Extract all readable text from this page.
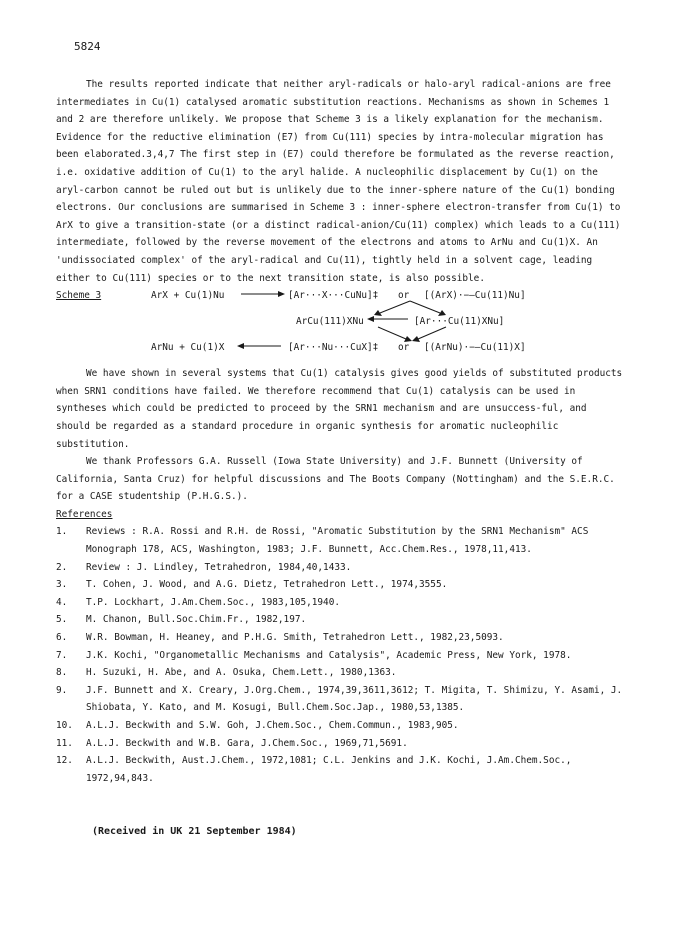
5824

The results reported indicate that neither aryl-radicals or halo-aryl radical-anions are free intermediates in Cu(1) catalysed aromatic substitution reactions. Mechanisms as shown in Schemes 1 and 2 are therefore unlikely. We propose that Scheme 3 is a likely explanation for the mechanism. Evidence for the reductive elimination (E7) from Cu(111) species by intra-molecular migration has been elaborated.3,4,7 The first step in (E7) could therefore be formulated as the reverse reaction, i.e. oxidative addition of Cu(1) to the aryl halide. A nucleophilic displacement by Cu(1) on the aryl-carbon cannot be ruled out but is unlikely due to the inner-sphere nature of the Cu(1) bonding electrons. Our conclusions are summarised in Scheme 3 : inner-sphere electron-transfer from Cu(1) to ArX to give a transition-state (or a distinct radical-anion/Cu(11) complex) which leads to a Cu(111) intermediate, followed by the reverse movement of the electrons and atoms to ArNu and Cu(1)X. An 'undissociated complex' of the aryl-radical and Cu(11), tightly held in a solvent cage, leading either to Cu(111) species or to the next transition state, is also possible.

Scheme 3	ArX + Cu(1)Nu	[Ar···X···CuNu]‡ or [(ArX)·−—Cu(11)Nu]
ArCu(111)XNu	[Ar···Cu(11)XNu]
ArNu + Cu(1)X	[Ar···Nu···CuX]‡ or [(ArNu)·−—Cu(11)X]

We have shown in several systems that Cu(1) catalysis gives good yields of substituted products when SRN1 conditions have failed. We therefore recommend that Cu(1) catalysis can be used in syntheses which could be predicted to proceed by the SRN1 mechanism and are unsuccess-ful, and should be regarded as a standard procedure in organic synthesis for aromatic nucleophilic substitution.

We thank Professors G.A. Russell (Iowa State University) and J.F. Bunnett (University of California, Santa Cruz) for helpful discussions and The Boots Company (Nottingham) and the S.E.R.C. for a CASE studentship (P.H.G.S.).

References
1.	Reviews : R.A. Rossi and R.H. de Rossi, "Aromatic Substitution by the SRN1 Mechanism" ACS Monograph 178, ACS, Washington, 1983; J.F. Bunnett, Acc.Chem.Res., 1978,11,413.
2.	Review : J. Lindley, Tetrahedron, 1984,40,1433.
3.	T. Cohen, J. Wood, and A.G. Dietz, Tetrahedron Lett., 1974,3555.
4.	T.P. Lockhart, J.Am.Chem.Soc., 1983,105,1940.
5.	M. Chanon, Bull.Soc.Chim.Fr., 1982,197.
6.	W.R. Bowman, H. Heaney, and P.H.G. Smith, Tetrahedron Lett., 1982,23,5093.
7.	J.K. Kochi, "Organometallic Mechanisms and Catalysis", Academic Press, New York, 1978.
8.	H. Suzuki, H. Abe, and A. Osuka, Chem.Lett., 1980,1363.
9.	J.F. Bunnett and X. Creary, J.Org.Chem., 1974,39,3611,3612; T. Migita, T. Shimizu, Y. Asami, J. Shiobata, Y. Kato, and M. Kosugi, Bull.Chem.Soc.Jap., 1980,53,1385.
10.	A.L.J. Beckwith and S.W. Goh, J.Chem.Soc., Chem.Commun., 1983,905.
11.	A.L.J. Beckwith and W.B. Gara, J.Chem.Soc., 1969,71,5691.
12.	A.L.J. Beckwith, Aust.J.Chem., 1972,1081; C.L. Jenkins and J.K. Kochi, J.Am.Chem.Soc., 1972,94,843.
(Received in UK 21 September 1984)
